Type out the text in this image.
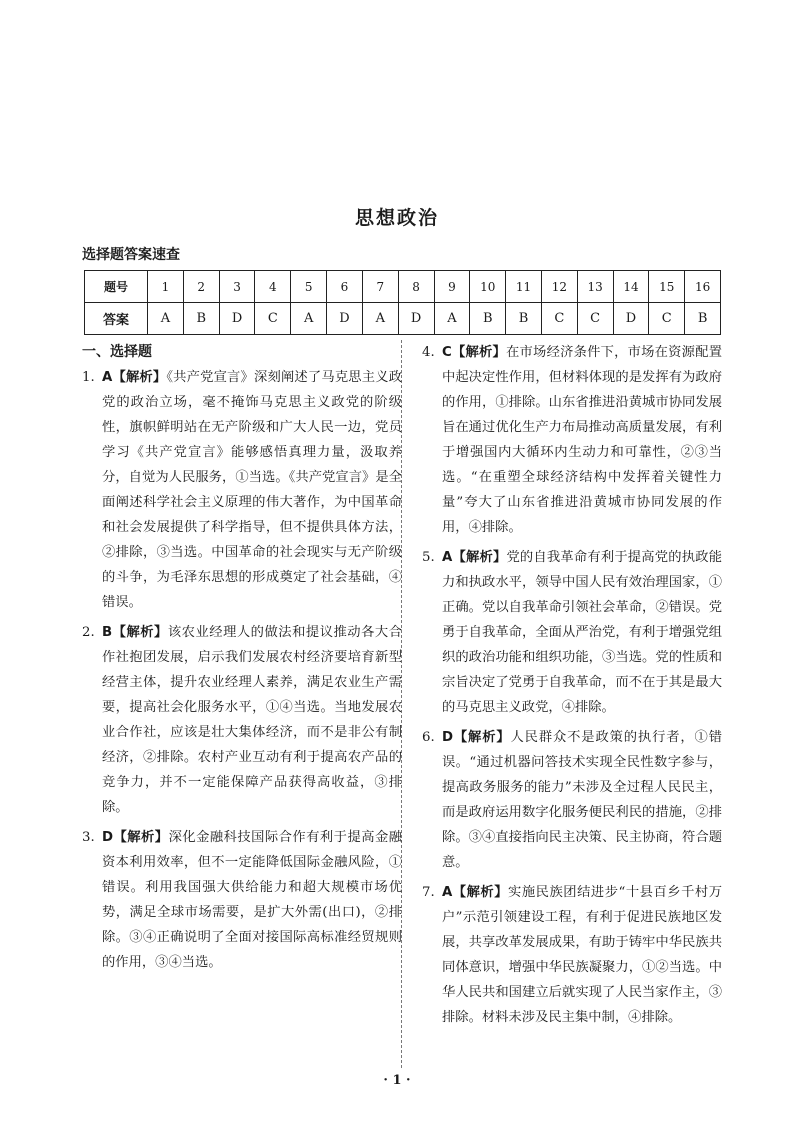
思想政治
选择题答案速查
题号	1	2	3	4	5	6	7	8	9	10	11	12	13	14	15	16
答案	A	B	D	C	A	D	A	D	A	B	B	C	C	D	C	B
一、选择题

1. A【解析】《共产党宣言》深刻阐述了马克思主义政党的政治立场，毫不掩饰马克思主义政党的阶级性，旗帜鲜明站在无产阶级和广大人民一边，党员学习《共产党宣言》能够感悟真理力量，汲取养分，自觉为人民服务，①当选。《共产党宣言》是全面阐述科学社会主义原理的伟大著作，为中国革命和社会发展提供了科学指导，但不提供具体方法，②排除，③当选。中国革命的社会现实与无产阶级的斗争，为毛泽东思想的形成奠定了社会基础，④错误。

2. B【解析】该农业经理人的做法和提议推动各大合作社抱团发展，启示我们发展农村经济要培育新型经营主体，提升农业经理人素养，满足农业生产需要，提高社会化服务水平，①④当选。当地发展农业合作社，应该是壮大集体经济，而不是非公有制经济，②排除。农村产业互动有利于提高农产品的竞争力，并不一定能保障产品获得高收益，③排除。

3. D【解析】深化金融科技国际合作有利于提高金融资本利用效率，但不一定能降低国际金融风险，①错误。利用我国强大供给能力和超大规模市场优势，满足全球市场需要，是扩大外需(出口)，②排除。③④正确说明了全面对接国际高标准经贸规则的作用，③④当选。

4. C【解析】在市场经济条件下，市场在资源配置中起决定性作用，但材料体现的是发挥有为政府的作用，①排除。山东省推进沿黄城市协同发展旨在通过优化生产力布局推动高质量发展，有利于增强国内大循环内生动力和可靠性，②③当选。“在重塑全球经济结构中发挥着关键性力量”夸大了山东省推进沿黄城市协同发展的作用，④排除。

5. A【解析】党的自我革命有利于提高党的执政能力和执政水平，领导中国人民有效治理国家，①正确。党以自我革命引领社会革命，②错误。党勇于自我革命，全面从严治党，有利于增强党组织的政治功能和组织功能，③当选。党的性质和宗旨决定了党勇于自我革命，而不在于其是最大的马克思主义政党，④排除。

6. D【解析】人民群众不是政策的执行者，①错误。“通过机器问答技术实现全民性数字参与，提高政务服务的能力”未涉及全过程人民民主，而是政府运用数字化服务便民利民的措施，②排除。③④直接指向民主决策、民主协商，符合题意。

7. A【解析】实施民族团结进步“十县百乡千村万户”示范引领建设工程，有利于促进民族地区发展，共享改革发展成果，有助于铸牢中华民族共同体意识，增强中华民族凝聚力，①②当选。中华人民共和国建立后就实现了人民当家作主，③排除。材料未涉及民主集中制，④排除。

· 1 ·
